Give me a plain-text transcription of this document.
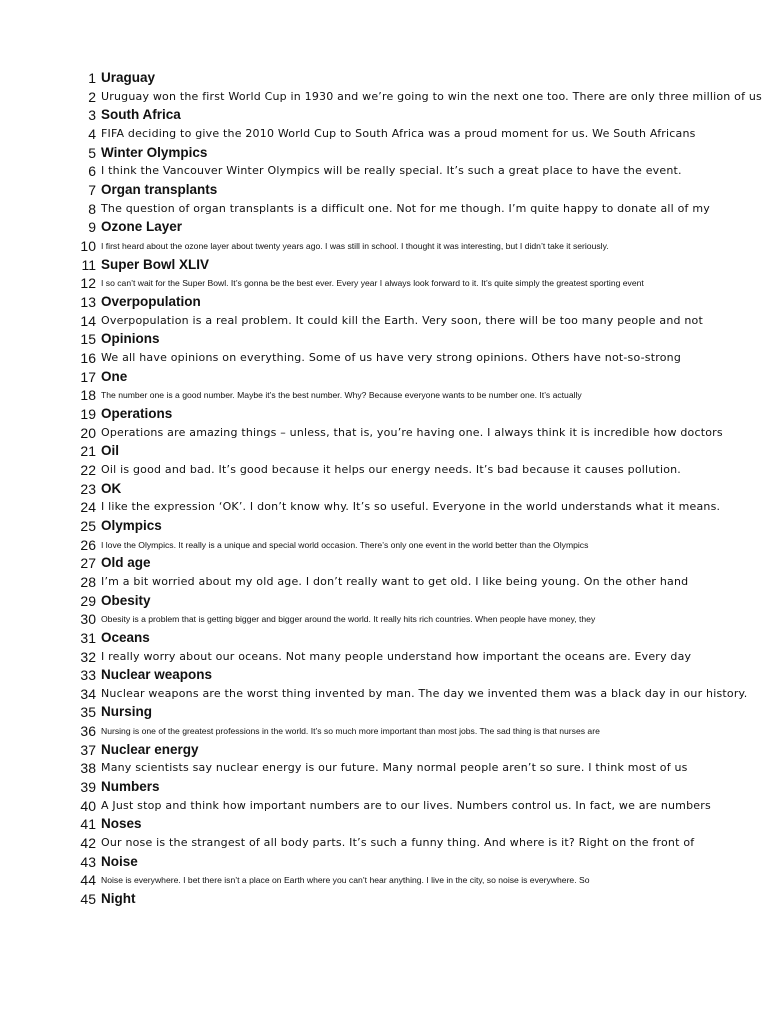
1 Uraguay
2 Uruguay won the first World Cup in 1930 and we’re going to win the next one too. There are only three million of us
3 South Africa
4 FIFA deciding to give the 2010 World Cup to South Africa was a proud moment for us. We South Africans
5 Winter Olympics
6 I think the Vancouver Winter Olympics will be really special. It’s such a great place to have the event.
7 Organ transplants
8 The question of organ transplants is a difficult one. Not for me though. I’m quite happy to donate all of my
9 Ozone Layer
10 I first heard about the ozone layer about twenty years ago. I was still in school. I thought it was interesting, but I didn’t take it seriously.
11 Super Bowl XLIV
12 I so can’t wait for the Super Bowl. It’s gonna be the best ever. Every year I always look forward to it. It’s quite simply the greatest sporting event
13 Overpopulation
14 Overpopulation is a real problem. It could kill the Earth. Very soon, there will be too many people and not
15 Opinions
16 We all have opinions on everything. Some of us have very strong opinions. Others have not-so-strong
17 One
18 The number one is a good number. Maybe it’s the best number. Why? Because everyone wants to be number one. It’s actually
19 Operations
20 Operations are amazing things – unless, that is, you’re having one. I always think it is incredible how doctors
21 Oil
22 Oil is good and bad. It’s good because it helps our energy needs. It’s bad because it causes pollution.
23 OK
24 I like the expression ‘OK’. I don’t know why. It’s so useful. Everyone in the world understands what it means.
25 Olympics
26 I love the Olympics. It really is a unique and special world occasion. There’s only one event in the world better than the Olympics
27 Old age
28 I’m a bit worried about my old age. I don’t really want to get old. I like being young. On the other hand
29 Obesity
30 Obesity is a problem that is getting bigger and bigger around the world. It really hits rich countries. When people have money, they
31 Oceans
32 I really worry about our oceans. Not many people understand how important the oceans are. Every day
33 Nuclear weapons
34 Nuclear weapons are the worst thing invented by man. The day we invented them was a black day in our history.
35 Nursing
36 Nursing is one of the greatest professions in the world. It’s so much more important than most jobs. The sad thing is that nurses are
37 Nuclear energy
38 Many scientists say nuclear energy is our future. Many normal people aren’t so sure. I think most of us
39 Numbers
40 A Just stop and think how important numbers are to our lives. Numbers control us. In fact, we are numbers
41 Noses
42 Our nose is the strangest of all body parts. It’s such a funny thing. And where is it? Right on the front of
43 Noise
44 Noise is everywhere. I bet there isn’t a place on Earth where you can’t hear anything. I live in the city, so noise is everywhere. So
45 Night
